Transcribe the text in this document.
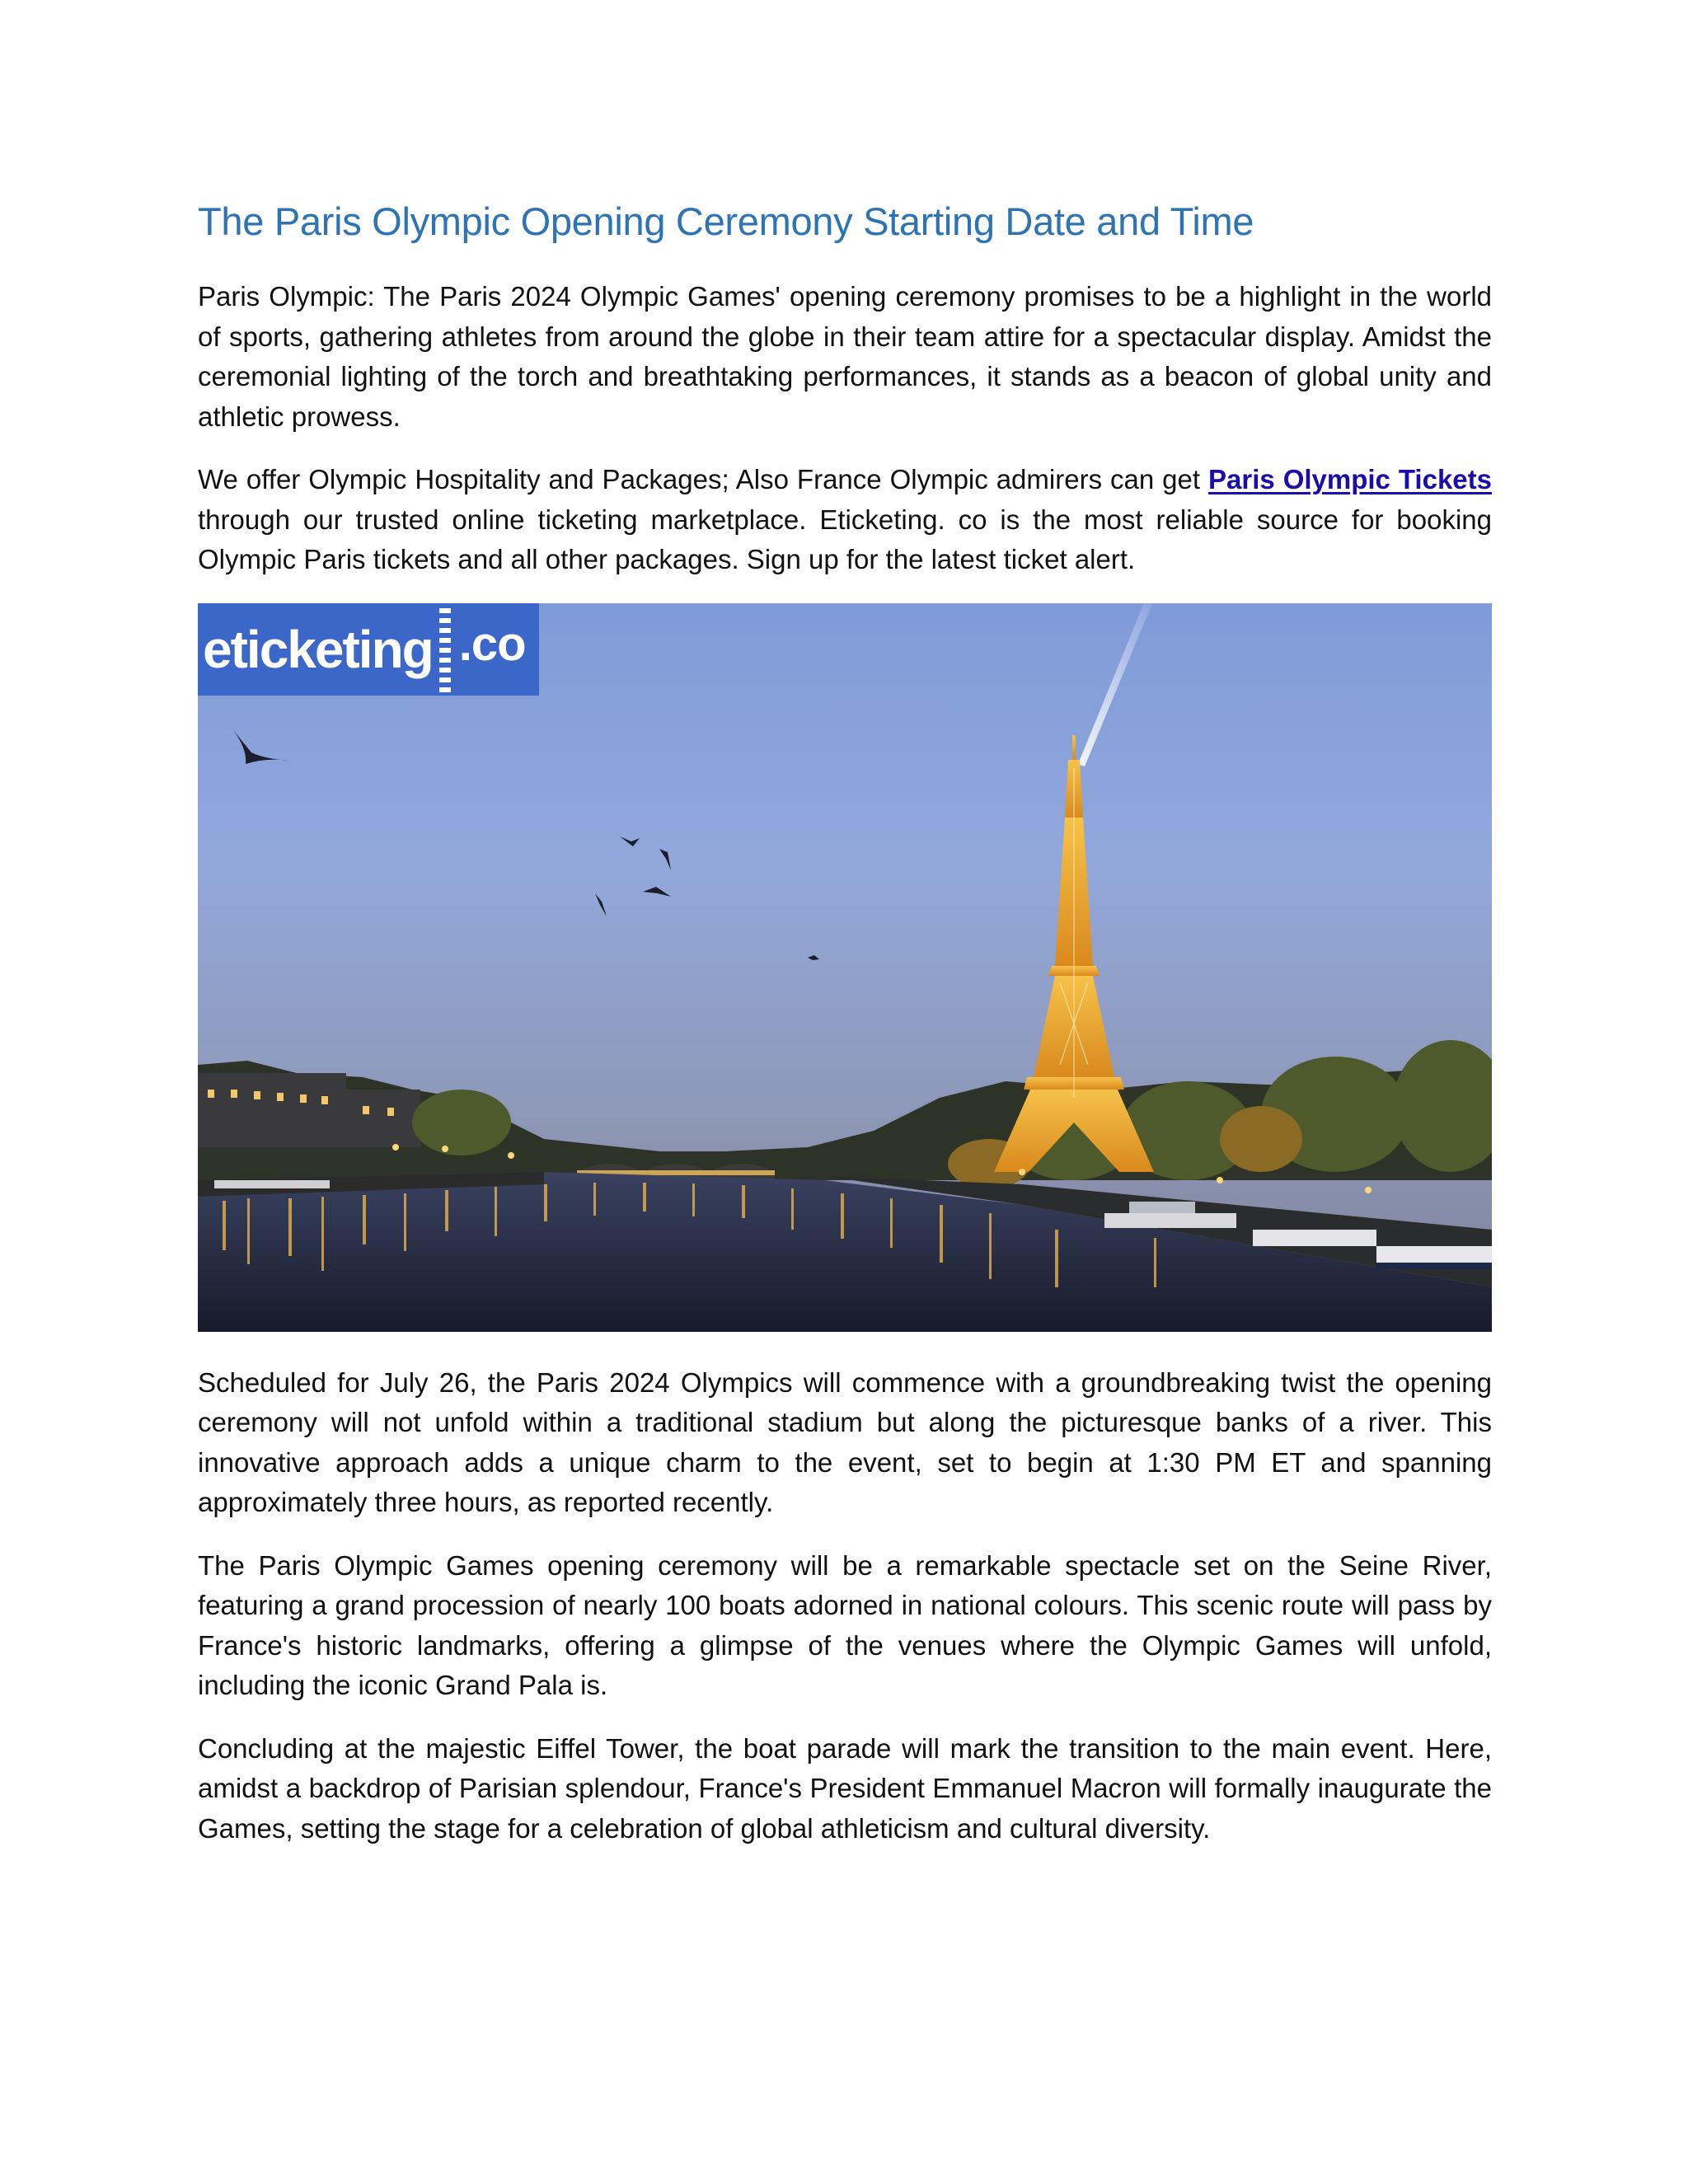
The Paris Olympic Opening Ceremony Starting Date and Time

Paris Olympic: The Paris 2024 Olympic Games' opening ceremony promises to be a highlight in the world of sports, gathering athletes from around the globe in their team attire for a spectacular display. Amidst the ceremonial lighting of the torch and breathtaking performances, it stands as a beacon of global unity and athletic prowess.

We offer Olympic Hospitality and Packages; Also France Olympic admirers can get Paris Olympic Tickets through our trusted online ticketing marketplace. Eticketing. co is the most reliable source for booking Olympic Paris tickets and all other packages. Sign up for the latest ticket alert.

eticketing .co

Scheduled for July 26, the Paris 2024 Olympics will commence with a groundbreaking twist the opening ceremony will not unfold within a traditional stadium but along the picturesque banks of a river. This innovative approach adds a unique charm to the event, set to begin at 1:30 PM ET and spanning approximately three hours, as reported recently.

The Paris Olympic Games opening ceremony will be a remarkable spectacle set on the Seine River, featuring a grand procession of nearly 100 boats adorned in national colours. This scenic route will pass by France's historic landmarks, offering a glimpse of the venues where the Olympic Games will unfold, including the iconic Grand Pala is.

Concluding at the majestic Eiffel Tower, the boat parade will mark the transition to the main event. Here, amidst a backdrop of Parisian splendour, France's President Emmanuel Macron will formally inaugurate the Games, setting the stage for a celebration of global athleticism and cultural diversity.
